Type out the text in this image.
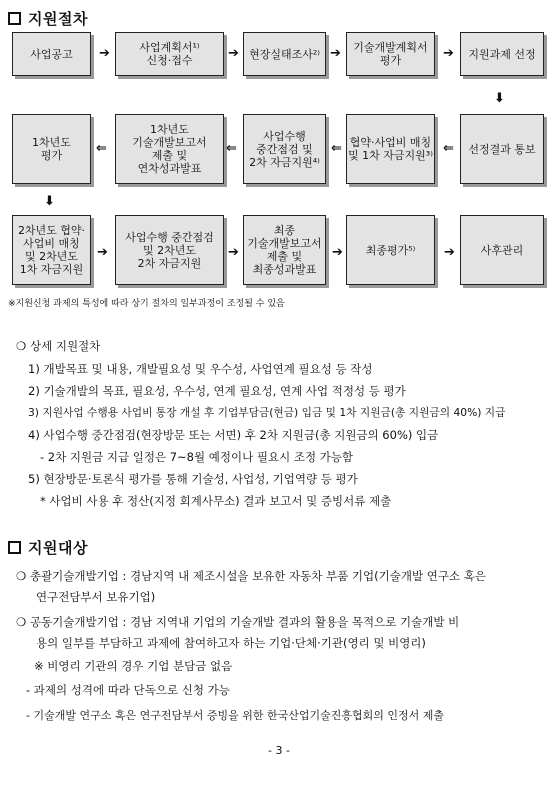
지원절차
사업공고	사업계획서¹⁾
신청·접수	현장실태조사²⁾	기술개발계획서
평가	지원과제 선정
선정결과 통보
협약·사업비 매칭
및 1차 자금지원³⁾
사업수행
중간점검 및
2차 자금지원⁴⁾
1차년도
기술개발보고서
제출 및
연차성과발표
1차년도
평가
2차년도 협약·
사업비 매칭
및 2차년도
1차 자금지원
사업수행 중간점검
및 2차년도
2차 자금지원
최종
기술개발보고서
제출 및
최종성과발표
최종평가⁵⁾	사후관리
➔	➔	➔	➔
➔	➔	➔	➔
⇐	⇐	⇐	⇐
⬇
⬇
※지원신청 과제의 특성에 따라 상기 절차의 일부과정이 조정될 수 있음
❍ 상세 지원절차
1) 개발목표 및 내용, 개발필요성 및 우수성, 사업연계 필요성 등 작성
2) 기술개발의 목표, 필요성, 우수성, 연계 필요성, 연계 사업 적정성 등 평가
3) 지원사업 수행용 사업비 통장 개설 후 기업부담금(현금) 입금 및 1차 지원금(총 지원금의 40%) 지급
4) 사업수행 중간점검(현장방문 또는 서면) 후 2차 지원금(총 지원금의 60%) 입금
- 2차 지원금 지급 일정은 7~8월 예정이나 필요시 조정 가능함
5) 현장방문·토론식 평가를 통해 기술성, 사업성, 기업역량 등 평가
* 사업비 사용 후 정산(지정 회계사무소) 결과 보고서 및 증빙서류 제출
지원대상
❍ 총괄기술개발기업 : 경남지역 내 제조시설을 보유한 자동차 부품 기업(기술개발 연구소 혹은
연구전담부서 보유기업)
❍ 공동기술개발기업 : 경남 지역내 기업의 기술개발 결과의 활용을 목적으로 기술개발 비
용의 일부를 부담하고 과제에 참여하고자 하는 기업·단체·기관(영리 및 비영리)
※ 비영리 기관의 경우 기업 분담금 없음
- 과제의 성격에 따라 단독으로 신청 가능
- 기술개발 연구소 혹은 연구전담부서 증빙을 위한 한국산업기술진흥협회의 인정서 제출
- 3 -
